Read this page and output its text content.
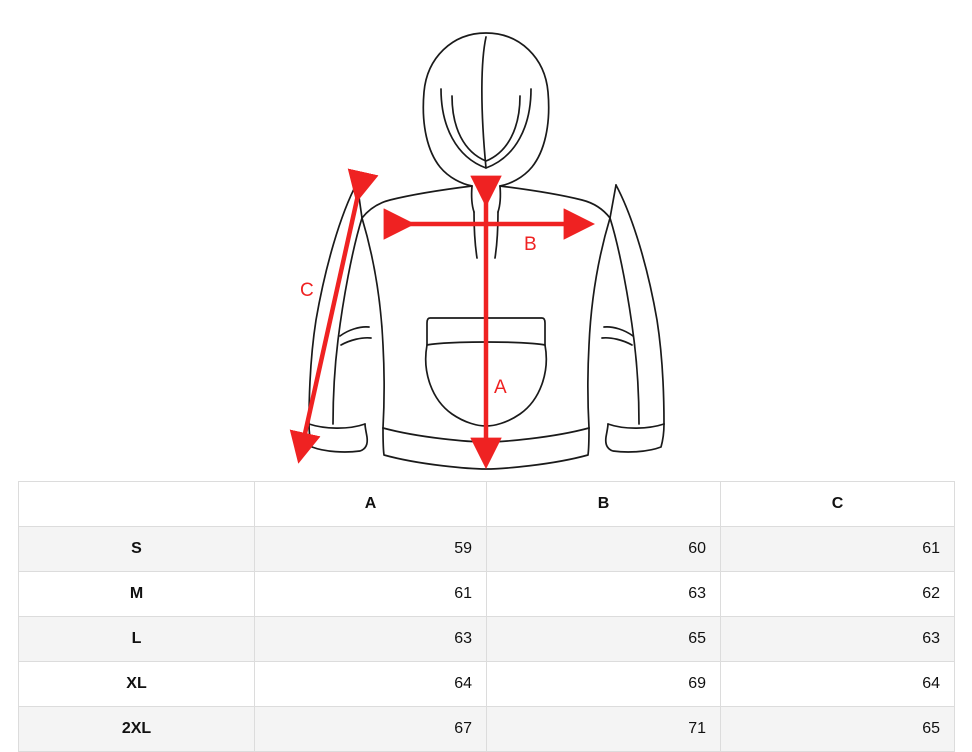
A
B
C
	A	B	C
S	59	60	61
M	61	63	62
L	63	65	63
XL	64	69	64
2XL	67	71	65
